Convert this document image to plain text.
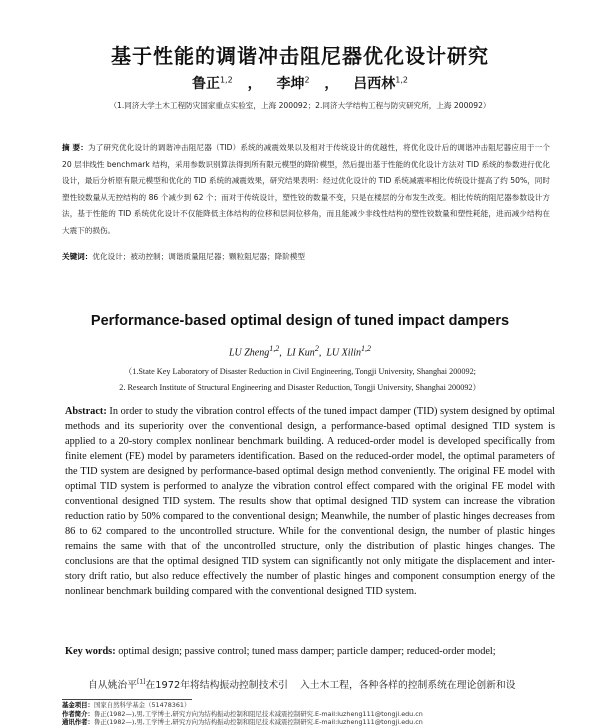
基于性能的调谐冲击阻尼器优化设计研究
鲁正$^{1,2}$ ， 李坤$^2$ ， 吕西林$^{1,2}$
（1.同济大学土木工程防灾国家重点实验室，上海 200092；2.同济大学结构工程与防灾研究所，上海 200092）
摘 要：为了研究优化设计的调谐冲击阻尼器（TID）系统的减震效果以及相对于传统设计的优越性，将优化设计后的调谐冲击阻尼器应用于一个 20 层非线性 benchmark 结构，采用参数识别算法得到所有限元模型的降阶模型，然后提出基于性能的优化设计方法对 TID 系统的参数进行优化设计，最后分析原有限元模型和优化的 TID 系统的减震效果，研究结果表明：经过优化设计的 TID 系统减震率相比传统设计提高了约 50%，同时塑性铰数量从无控结构的 86 个减少到 62 个；而对于传统设计，塑性铰的数量不变，只是在楼层的分布发生改变。相比传统的阻尼器参数设计方法，基于性能的 TID 系统优化设计不仅能降低主体结构的位移和层间位移角，而且能减少非线性结构的塑性铰数量和塑性耗能，进而减少结构在大震下的损伤。
关键词：优化设计；被动控制；调谐质量阻尼器；颗粒阻尼器；降阶模型
Performance-based optimal design of tuned impact dampers
LU Zheng$^{1,2}$,  LI Kun$^2$,  LU Xilin$^{1,2}$
（1.State Key Laboratory of Disaster Reduction in Civil Engineering, Tongji University, Shanghai 200092;
2. Research Institute of Structural Engineering and Disaster Reduction, Tongji University, Shanghai 200092）
Abstract: In order to study the vibration control effects of the tuned impact damper (TID) system designed by optimal methods and its superiority over the conventional design, a performance-based optimal designed TID system is applied to a 20-story complex nonlinear benchmark building. A reduced-order model is developed specifically from finite element (FE) model by parameters identification. Based on the reduced-order model, the optimal parameters of the TID system are designed by performance-based optimal design method conveniently. The original FE model with optimal TID system is performed to analyze the vibration control effect compared with the original FE model with conventional designed TID system. The results show that optimal designed TID system can increase the vibration reduction ratio by 50% compared to the conventional design; Meanwhile, the number of plastic hinges decreases from 86 to 62 compared to the uncontrolled structure. While for the conventional design, the number of plastic hinges remains the same with that of the uncontrolled structure, only the distribution of plastic hinges changes. The conclusions are that the optimal designed TID system can significantly not only mitigate the displacement and inter-story drift ratio, but also reduce effectively the number of plastic hinges and component consumption energy of the nonlinear benchmark building compared with the conventional designed TID system.
Key words: optimal design; passive control; tuned mass damper; particle damper; reduced-order model;
自从姚治平[1]在1972年将结构振动控制技术引 入土木工程，各种各样的控制系统在理论创新和设
基金项目：国家自然科学基金（51478361）
作者简介：鲁正(1982—),男,工学博士,研究方向为结构振动控制和阻尼技术减震控制研究.E-mail:luzheng111@tongji.edu.cn
通讯作者：鲁正(1982—),男,工学博士,研究方向为结构振动控制和阻尼技术减震控制研究.E-mail:luzheng111@tongji.edu.cn
